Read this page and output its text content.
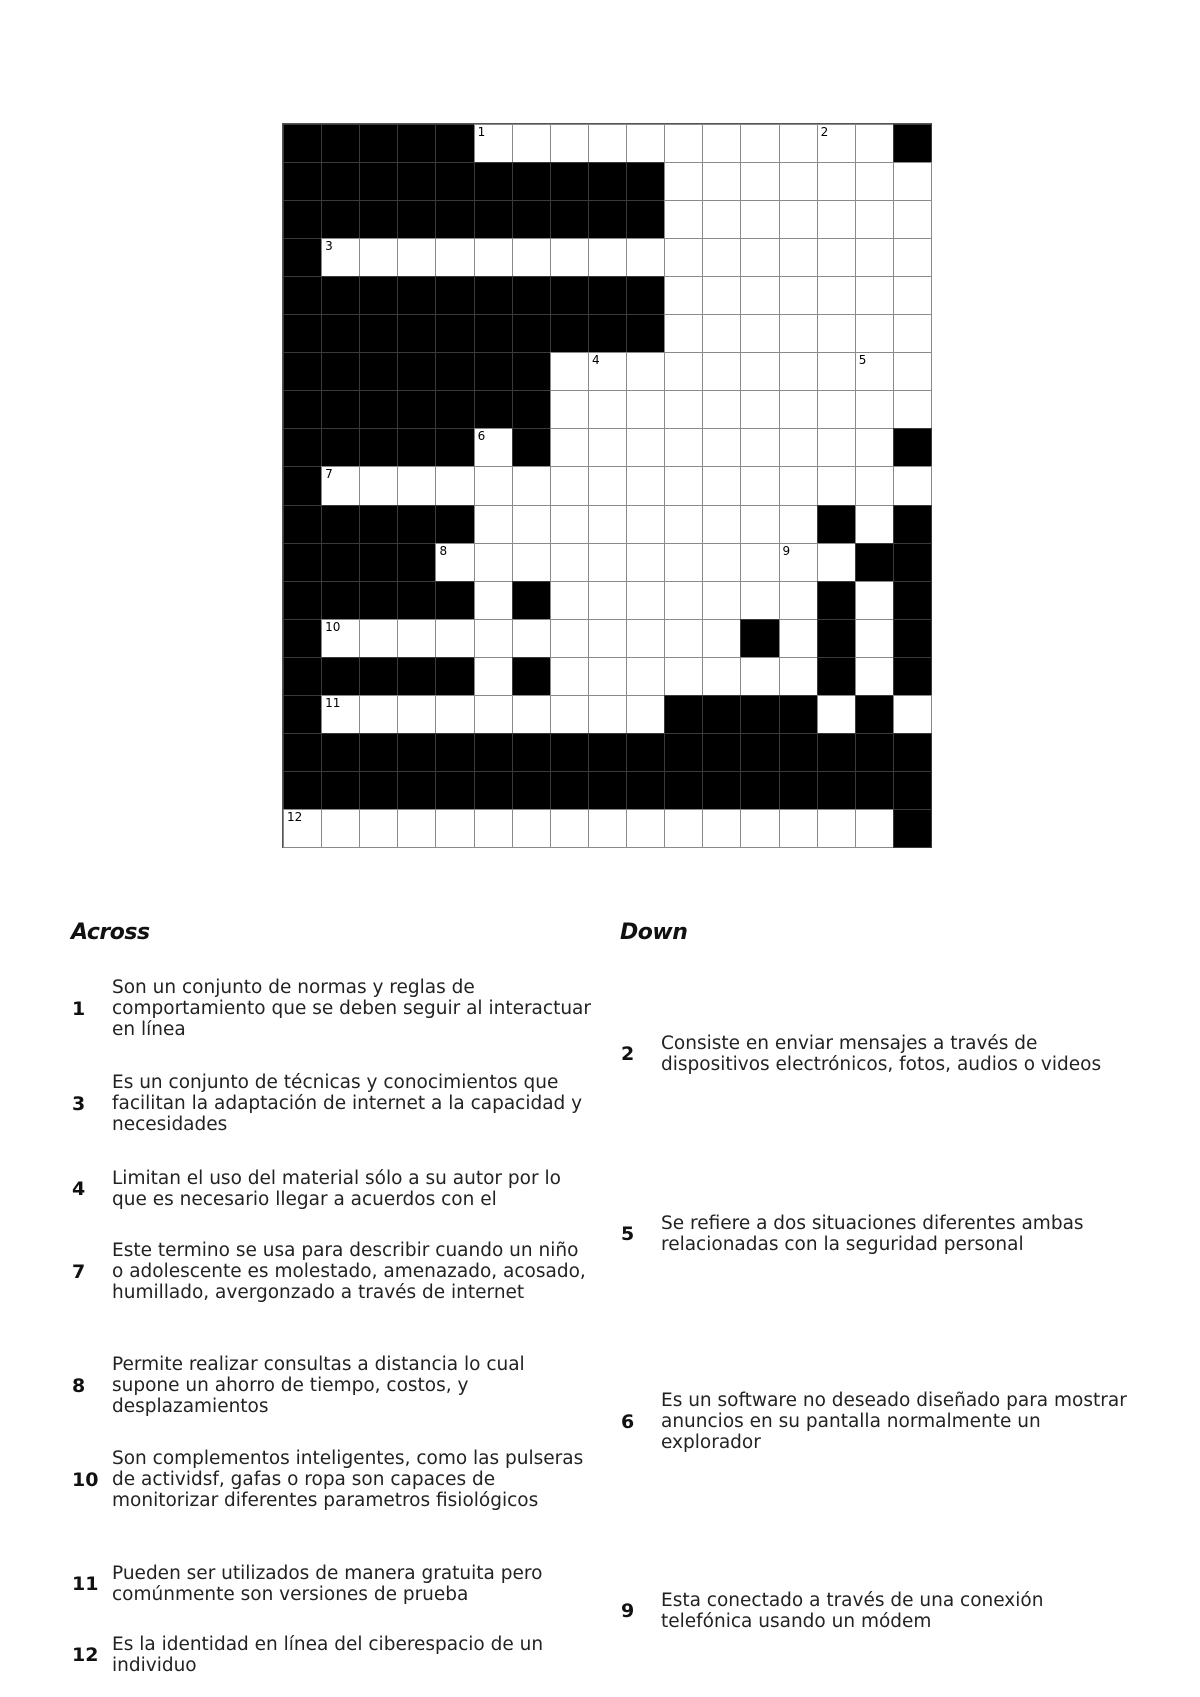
1	2
3
4	5
6
7
8	9
10
11
12
Across	Down
1
Son un conjunto de normas y reglas de comportamiento que se deben seguir al interactuar en línea
3
Es un conjunto de técnicas y conocimientos que facilitan la adaptación de internet a la capacidad y necesidades
4	Limitan el uso del material sólo a su autor por lo que es necesario llegar a acuerdos con el
7
Este termino se usa para describir cuando un niño o adolescente es molestado, amenazado, acosado, humillado, avergonzado a través de internet
8
Permite realizar consultas a distancia lo cual supone un ahorro de tiempo, costos, y desplazamientos
10
Son complementos inteligentes, como las pulseras de actividsf, gafas o ropa son capaces de monitorizar diferentes parametros fisiológicos
11 Pueden ser utilizados de manera gratuita pero comúnmente son versiones de prueba
12 Es la identidad en línea del ciberespacio de un individuo
2	Consiste en enviar mensajes a través de dispositivos electrónicos, fotos, audios o videos
5	Se refiere a dos situaciones diferentes ambas relacionadas con la seguridad personal
6
Es un software no deseado diseñado para mostrar anuncios en su pantalla normalmente un explorador
9	Esta conectado a través de una conexión telefónica usando un módem
